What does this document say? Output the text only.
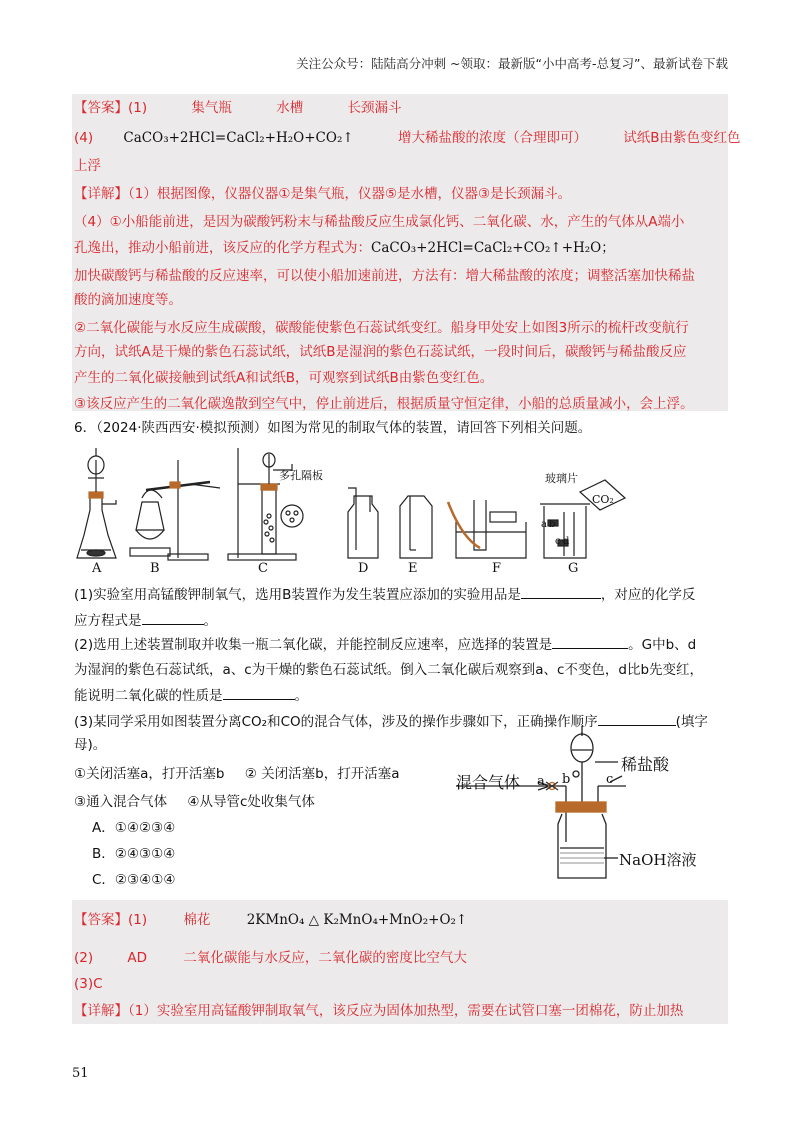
关注公众号：陆陆高分冲刺 ~领取：最新版“小中高考-总复习”、最新试卷下载
【答案】(1)	集气瓶	水槽	长颈漏斗
(4) CaCO₃+2HCl=CaCl₂+H₂O+CO₂↑	增大稀盐酸的浓度（合理即可）	试纸B由紫色变红色
上浮
【详解】（1）根据图像，仪器仪器①是集气瓶，仪器⑤是水槽，仪器③是长颈漏斗。
（4）①小船能前进，是因为碳酸钙粉末与稀盐酸反应生成氯化钙、二氧化碳、水，产生的气体从A端小
孔逸出，推动小船前进，该反应的化学方程式为：CaCO₃+2HCl=CaCl₂+CO₂↑+H₂O；
加快碳酸钙与稀盐酸的反应速率，可以使小船加速前进，方法有：增大稀盐酸的浓度；调整活塞加快稀盐
酸的滴加速度等。
②二氧化碳能与水反应生成碳酸，碳酸能使紫色石蕊试纸变红。船身甲处安上如图3所示的梳杆改变航行
方向，试纸A是干燥的紫色石蕊试纸，试纸B是湿润的紫色石蕊试纸，一段时间后，碳酸钙与稀盐酸反应
产生的二氧化碳接触到试纸A和试纸B，可观察到试纸B由紫色变红色。
③该反应产生的二氧化碳逸散到空气中，停止前进后，根据质量守恒定律，小船的总质量减小，会上浮。
6．（2024·陕西西安·模拟预测）如图为常见的制取气体的装置，请回答下列相关问题。
多孔隔板	玻璃片
CO₂
a b
c d
A	B	C	D	E	F	G
(1)实验室用高锰酸钾制氧气，选用B装置作为发生装置应添加的实验用品是	，对应的化学反
应方程式是	。
(2)选用上述装置制取并收集一瓶二氧化碳，并能控制反应速率，应选择的装置是	。G中b、d
为湿润的紫色石蕊试纸，a、c为干燥的紫色石蕊试纸。倒入二氧化碳后观察到a、c不变色，d比b先变红，
能说明二氧化碳的性质是	。
(3)某同学采用如图装置分离CO₂和CO的混合气体，涉及的操作步骤如下，正确操作顺序	(填字
母)。
①关闭活塞a，打开活塞b ② 关闭活塞b，打开活塞a
③通入混合气体 ④从导管c处收集气体
A．①④②③④
B．②④③①④
C．②③④①④
稀盐酸
混合气体 a b	c
NaOH溶液
【答案】(1)	棉花	2KMnO₄ △ K₂MnO₄+MnO₂+O₂↑
(2)	AD	二氧化碳能与水反应，二氧化碳的密度比空气大
(3)C
【详解】（1）实验室用高锰酸钾制取氧气，该反应为固体加热型，需要在试管口塞一团棉花，防止加热
51
